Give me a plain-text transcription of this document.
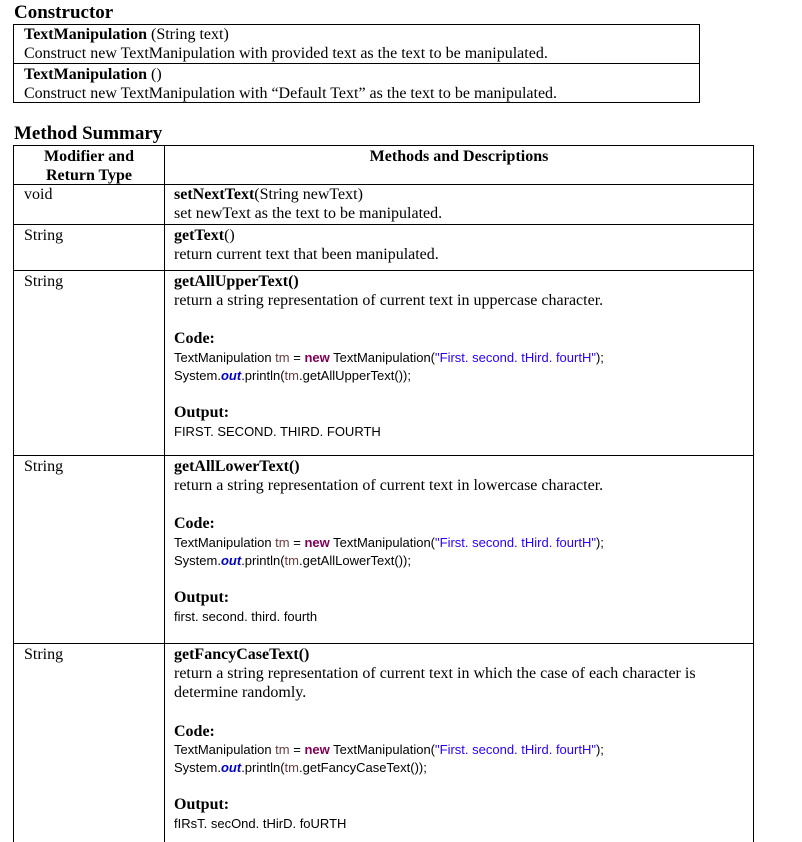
Constructor
TextManipulation (String text)
Construct new TextManipulation with provided text as the text to be manipulated.
TextManipulation ()
Construct new TextManipulation with “Default Text” as the text to be manipulated.
Method Summary
Modifier and
Return Type
Methods and Descriptions
void	setNextText(String newText)
set newText as the text to be manipulated.
String	getText()
return current text that been manipulated.
String	getAllUpperText()
return a string representation of current text in uppercase character.
Code:
TextManipulation tm = new TextManipulation("First. second. tHird. fourtH");
System.out.println(tm.getAllUpperText());
Output:
FIRST. SECOND. THIRD. FOURTH
String	getAllLowerText()
return a string representation of current text in lowercase character.
Code:
TextManipulation tm = new TextManipulation("First. second. tHird. fourtH");
System.out.println(tm.getAllLowerText());
Output:
first. second. third. fourth
String	getFancyCaseText()
return a string representation of current text in which the case of each character is
determine randomly.
Code:
TextManipulation tm = new TextManipulation("First. second. tHird. fourtH");
System.out.println(tm.getFancyCaseText());
Output:
fIRsT. secOnd. tHirD. foURTH
